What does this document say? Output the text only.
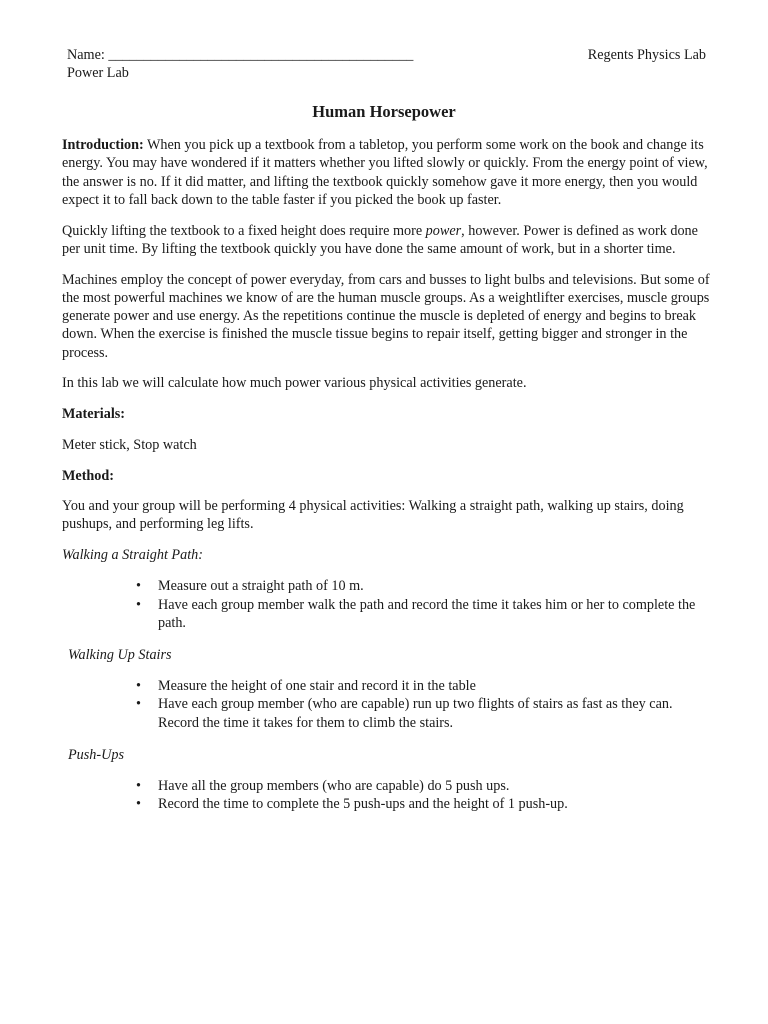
Name: ___________________________________________
Power Lab
Regents Physics Lab
Human Horsepower

Introduction: When you pick up a textbook from a tabletop, you perform some work on the book and change its energy. You may have wondered if it matters whether you lifted slowly or quickly. From the energy point of view, the answer is no. If it did matter, and lifting the textbook quickly somehow gave it more energy, then you would expect it to fall back down to the table faster if you picked the book up faster.

Quickly lifting the textbook to a fixed height does require more power, however. Power is defined as work done per unit time. By lifting the textbook quickly you have done the same amount of work, but in a shorter time.

Machines employ the concept of power everyday, from cars and busses to light bulbs and televisions. But some of the most powerful machines we know of are the human muscle groups. As a weightlifter exercises, muscle groups generate power and use energy. As the repetitions continue the muscle is depleted of energy and begins to break down. When the exercise is finished the muscle tissue begins to repair itself, getting bigger and stronger in the process.

In this lab we will calculate how much power various physical activities generate.

Materials:

Meter stick, Stop watch

Method:

You and your group will be performing 4 physical activities: Walking a straight path, walking up stairs, doing pushups, and performing leg lifts.

Walking a Straight Path:
• Measure out a straight path of 10 m.
• Have each group member walk the path and record the time it takes him or her to complete the path.
Walking Up Stairs
• Measure the height of one stair and record it in the table
• Have each group member (who are capable) run up two flights of stairs as fast as they can. Record the time it takes for them to climb the stairs.
Push-Ups
• Have all the group members (who are capable) do 5 push ups.
• Record the time to complete the 5 push-ups and the height of 1 push-up.
